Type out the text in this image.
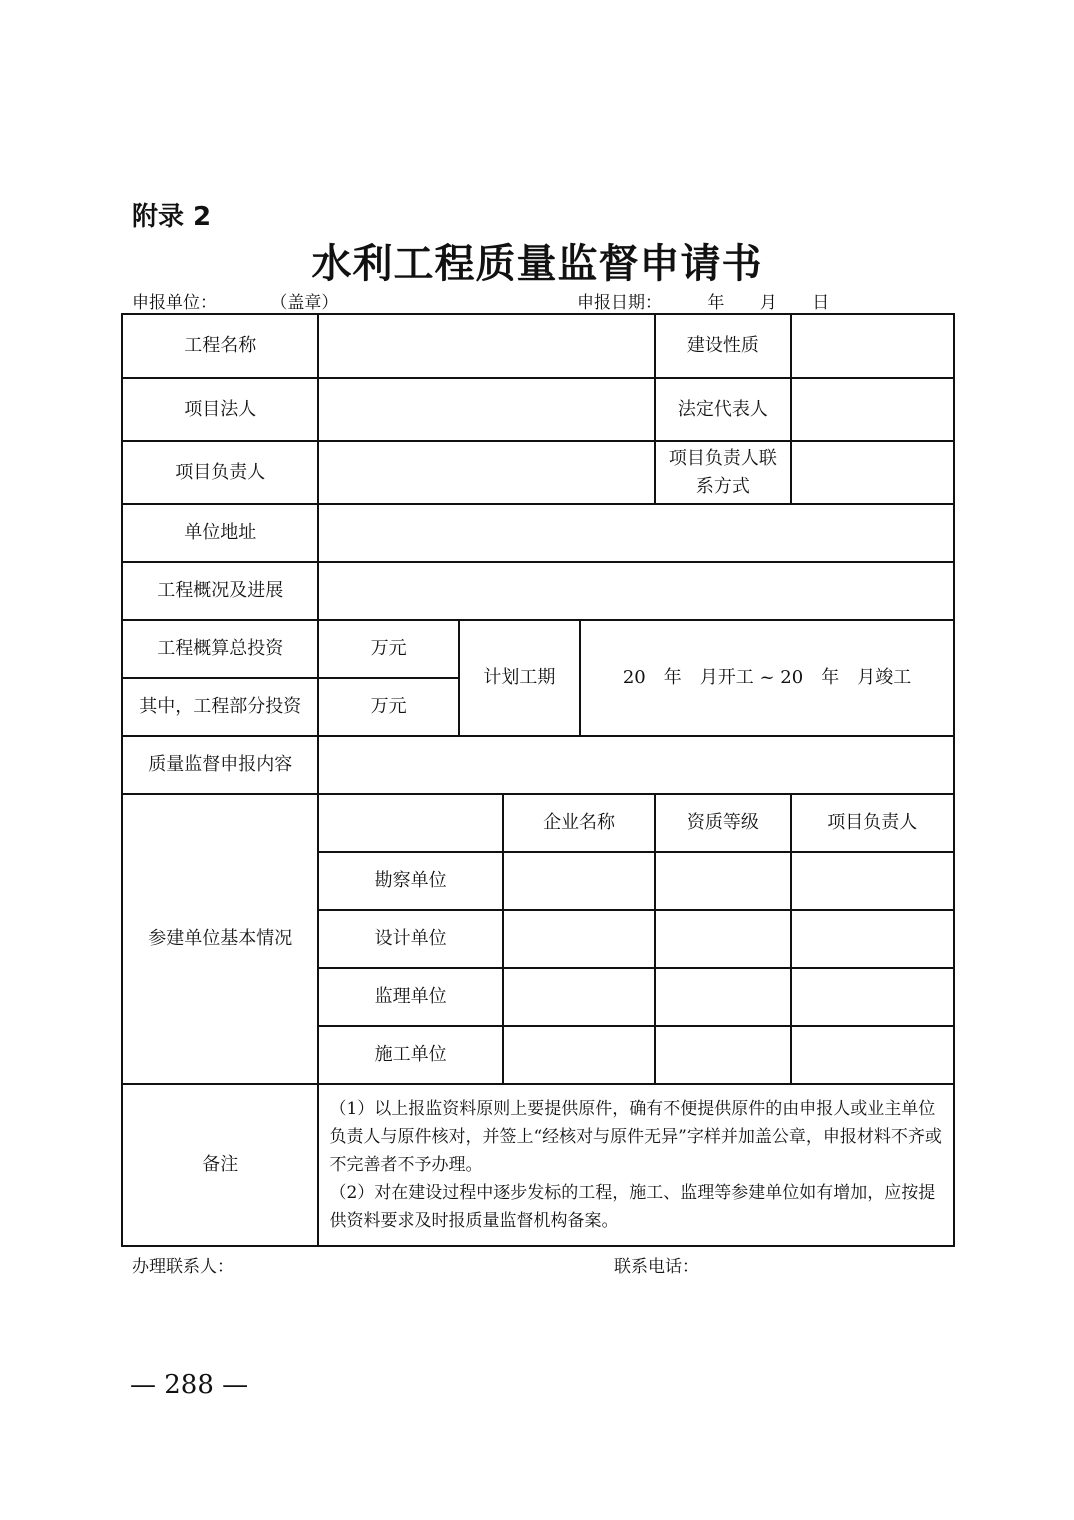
附录 2
水利工程质量监督申请书
申报单位：	（盖章）	申报日期：	年 月 日
工程名称					建设性质	
项目法人					法定代表人	
项目负责人					项目负责人联
系方式	

单位地址						
工程概况及进展						
工程概算总投资	万元	计划工期		20　年　月开工 ~ 20　年　月竣工		
其中，工程部分投资	万元					
质量监督申报内容						
参建单位基本情况			企业名称		资质等级	项目负责人
	勘察单位					
	设计单位					
	监理单位					
	施工单位					
备注	（1）以上报监资料原则上要提供原件，确有不便提供原件的由申报人或业主单位负责人与原件核对，并签上“经核对与原件无异”字样并加盖公章，申报材料不齐或不完善者不予办理。

（2）对在建设过程中逐步发标的工程，施工、监理等参建单位如有增加，应按提供资料要求及时报质量监督机构备案。					

办理联系人：	联系电话：
— 288 —
